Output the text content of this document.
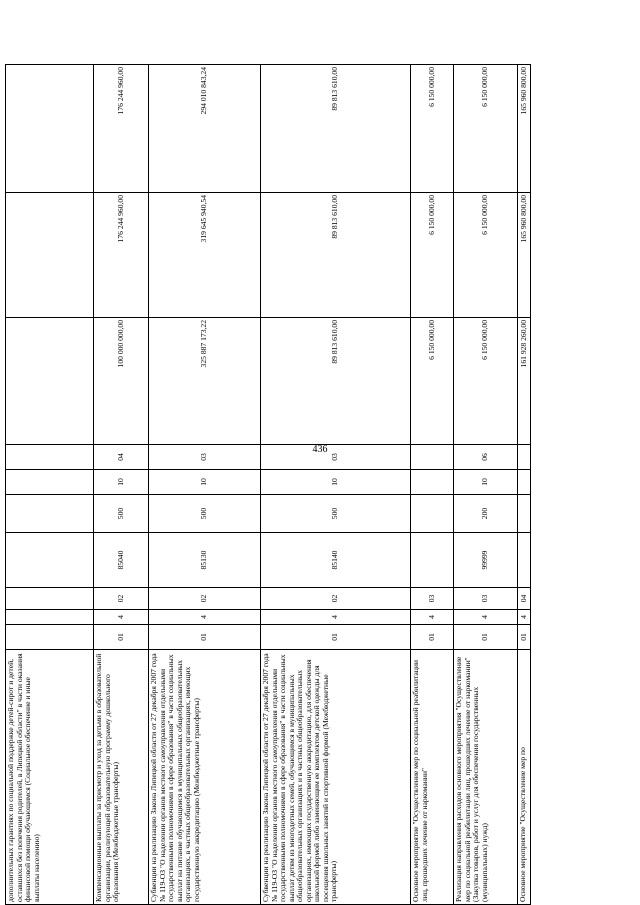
436
дополнительных гарантиях по социальной поддержке детей-сирот и детей, оставшихся без попечения родителей, в Липецкой области" в части оказания финансовой помощи обучающимся (Социальное обеспечение и иные выплаты населению)										
Компенсационные выплаты за присмотр и уход за детьми в образовательной организации, реализующей образовательную программу дошкольного образования (Межбюджетные трансферты)	01	4	02	85040	500	10	04	100 000 000,00	176 244 960,00	176 244 960,00
Субвенции на реализацию Закона Липецкой области от 27 декабря 2007 года № 119-ОЗ "О наделении органов местного самоуправления отдельными государственными полномочиями в сфере образования" в части социальных выплат на питание обучающимся в муниципальных общеобразовательных организациях, в частных общеобразовательных организациях, имеющих государственную аккредитацию (Межбюджетные трансферты)	01	4	02	85130	500	10	03	325 887 173,22	319 645 940,54	294 010 843,24
Субвенции на реализацию Закона Липецкой области от 27 декабря 2007 года № 119-ОЗ "О наделении органов местного самоуправления отдельными государственными полномочиями в сфере образования" в части социальных выплат детям из многодетных семей, обучающимся в муниципальных общеобразовательных организациях и в частных общеобразовательных организациях, имеющих государственную аккредитацию, для обеспечения школьной формой либо заменяющим ее комплектом детской одежды для посещения школьных занятий и спортивной формой (Межбюджетные трансферты)	01	4	02	85140	500	10	03	89 813 610,00	89 813 610,00	89 813 610,00
Основное мероприятие "Осуществление мер по социальной реабилитации лиц, прошедших лечение от наркомании"	01	4	03					6 150 000,00	6 150 000,00	6 150 000,00
Реализация направления расходов основного мероприятия "Осуществление мер по социальной реабилитации лиц, прошедших лечение от наркомании" (Закупка товаров, работ и услуг для обеспечения государственных (муниципальных) нужд)	01	4	03	99999	200	10	06	6 150 000,00	6 150 000,00	6 150 000,00
Основное мероприятие "Осуществление мер по	01	4	04					161 928 260,00	165 960 800,00	165 960 800,00
